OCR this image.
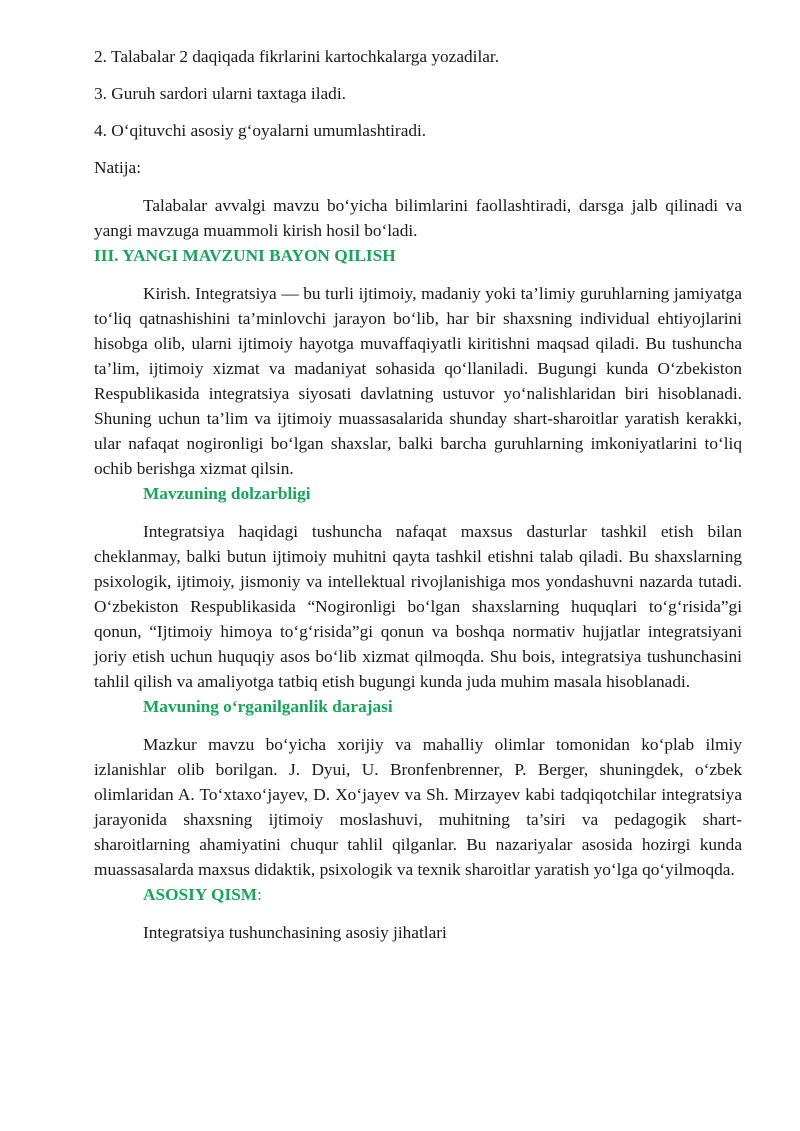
2. Talabalar 2 daqiqada fikrlarini kartochkalarga yozadilar.

3. Guruh sardori ularni taxtaga iladi.

4. O‘qituvchi asosiy g‘oyalarni umumlashtiradi.

Natija:

Talabalar avvalgi mavzu bo‘yicha bilimlarini faollashtiradi, darsga jalb qilinadi va yangi mavzuga muammoli kirish hosil bo‘ladi.

III. YANGI MAVZUNI BAYON QILISH

Kirish. Integratsiya — bu turli ijtimoiy, madaniy yoki ta’limiy guruhlarning jamiyatga to‘liq qatnashishini ta’minlovchi jarayon bo‘lib, har bir shaxsning individual ehtiyojlarini hisobga olib, ularni ijtimoiy hayotga muvaffaqiyatli kiritishni maqsad qiladi. Bu tushuncha ta’lim, ijtimoiy xizmat va madaniyat sohasida qo‘llaniladi. Bugungi kunda O‘zbekiston Respublikasida integratsiya siyosati davlatning ustuvor yo‘nalishlaridan biri hisoblanadi. Shuning uchun ta’lim va ijtimoiy muassasalarida shunday shart-sharoitlar yaratish kerakki, ular nafaqat nogironligi bo‘lgan shaxslar, balki barcha guruhlarning imkoniyatlarini to‘liq ochib berishga xizmat qilsin.

Mavzuning dolzarbligi

Integratsiya haqidagi tushuncha nafaqat maxsus dasturlar tashkil etish bilan cheklanmay, balki butun ijtimoiy muhitni qayta tashkil etishni talab qiladi. Bu shaxslarning psixologik, ijtimoiy, jismoniy va intellektual rivojlanishiga mos yondashuvni nazarda tutadi. O‘zbekiston Respublikasida “Nogironligi bo‘lgan shaxslarning huquqlari to‘g‘risida”gi qonun, “Ijtimoiy himoya to‘g‘risida”gi qonun va boshqa normativ hujjatlar integratsiyani joriy etish uchun huquqiy asos bo‘lib xizmat qilmoqda. Shu bois, integratsiya tushunchasini tahlil qilish va amaliyotga tatbiq etish bugungi kunda juda muhim masala hisoblanadi.

Mavuning o‘rganilganlik darajasi

Mazkur mavzu bo‘yicha xorijiy va mahalliy olimlar tomonidan ko‘plab ilmiy izlanishlar olib borilgan. J. Dyui, U. Bronfenbrenner, P. Berger, shuningdek, o‘zbek olimlaridan A. To‘xtaxo‘jayev, D. Xo‘jayev va Sh. Mirzayev kabi tadqiqotchilar integratsiya jarayonida shaxsning ijtimoiy moslashuvi, muhitning ta’siri va pedagogik shart-sharoitlarning ahamiyatini chuqur tahlil qilganlar. Bu nazariyalar asosida hozirgi kunda muassasalarda maxsus didaktik, psixologik va texnik sharoitlar yaratish yo‘lga qo‘yilmoqda.

ASOSIY QISM:

Integratsiya tushunchasining asosiy jihatlari
